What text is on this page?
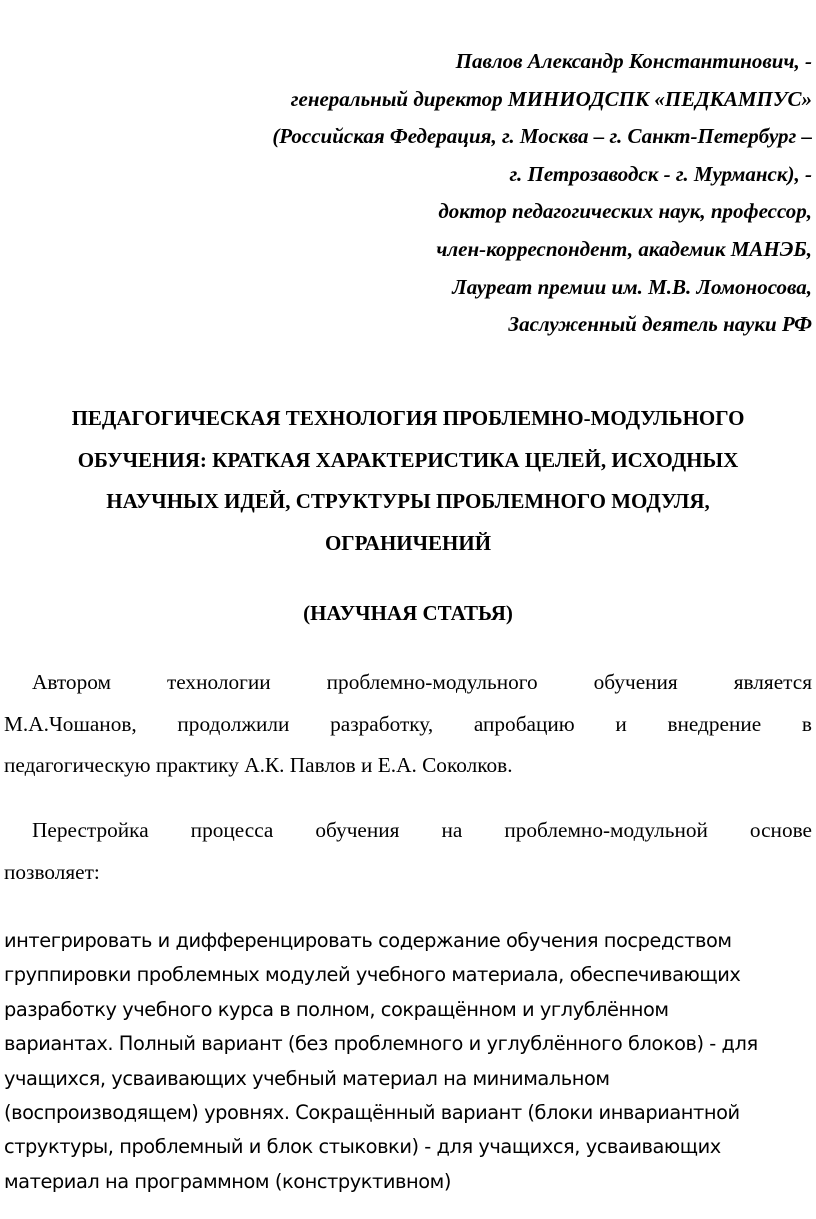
Павлов Александр Константинович, -
генеральный директор МИНИОДСПК «ПЕДКАМПУС»
(Российская Федерация, г. Москва – г. Санкт-Петербург –
г. Петрозаводск - г. Мурманск), -
доктор педагогических наук, профессор,
член-корреспондент, академик МАНЭБ,
Лауреат премии им. М.В. Ломоносова,
Заслуженный деятель науки РФ
ПЕДАГОГИЧЕСКАЯ ТЕХНОЛОГИЯ ПРОБЛЕМНО-МОДУЛЬНОГО
ОБУЧЕНИЯ: КРАТКАЯ ХАРАКТЕРИСТИКА ЦЕЛЕЙ, ИСХОДНЫХ
НАУЧНЫХ ИДЕЙ, СТРУКТУРЫ ПРОБЛЕМНОГО МОДУЛЯ,
ОГРАНИЧЕНИЙ
(НАУЧНАЯ СТАТЬЯ)
Автором	технологии	проблемно-модульного	обучения	является
М.А.Чошанов, продолжили разработку, апробацию и внедрение в
педагогическую практику А.К. Павлов и Е.А. Соколков.
Перестройка процесса обучения на проблемно-модульной основе
позволяет:
интегрировать и дифференцировать содержание обучения посредством
группировки проблемных модулей учебного материала, обеспечивающих
разработку учебного курса в полном, сокращённом и углублённом
вариантах. Полный вариант (без проблемного и углублённого блоков) - для
учащихся, усваивающих учебный материал на минимальном
(воспроизводящем) уровнях. Сокращённый вариант (блоки инвариантной
структуры, проблемный и блок стыковки) - для учащихся, усваивающих
материал на программном (конструктивном)
